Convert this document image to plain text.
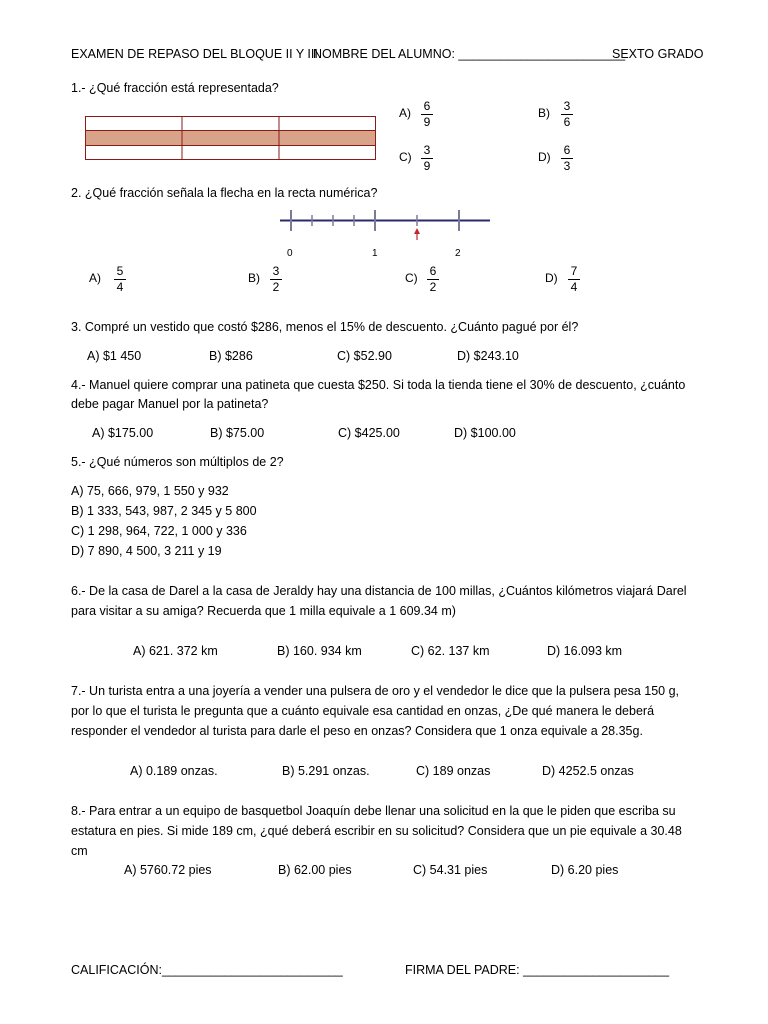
EXAMEN DE REPASO DEL BLOQUE II Y III.
NOMBRE DEL ALUMNO: ________________________
SEXTO GRADO
1.- ¿Qué fracción está representada?
A) 6
9
B) 3
6
C) 3
9
D) 6
3
2. ¿Qué fracción señala la flecha en la recta numérica?
0	1	2
A) 5
4
B) 3
2
C) 6
2
D) 7
4
3. Compré un vestido que costó $286, menos el 15% de descuento. ¿Cuánto pagué por él?
A) $1 450	B) $286	C) $52.90	D) $243.10
4.- Manuel quiere comprar una patineta que cuesta $250. Si toda la tienda tiene el 30% de descuento, ¿cuánto
debe pagar Manuel por la patineta?
A) $175.00	B) $75.00	C) $425.00	D) $100.00
5.- ¿Qué números son múltiplos de 2?
A) 75, 666, 979, 1 550 y 932
B) 1 333, 543, 987, 2 345 y 5 800
C) 1 298, 964, 722, 1 000 y 336
D) 7 890, 4 500, 3 211 y 19
6.- De la casa de Darel a la casa de Jeraldy hay una distancia de 100 millas, ¿Cuántos kilómetros viajará Darel
para visitar a su amiga? Recuerda que 1 milla equivale a 1 609.34 m)
A) 621. 372 km	B) 160. 934 km	C) 62. 137 km	D) 16.093 km
7.- Un turista entra a una joyería a vender una pulsera de oro y el vendedor le dice que la pulsera pesa 150 g,
por lo que el turista le pregunta que a cuánto equivale esa cantidad en onzas, ¿De qué manera le deberá
responder el vendedor al turista para darle el peso en onzas? Considera que 1 onza equivale a 28.35g.
A) 0.189 onzas.	B) 5.291 onzas.	C) 189 onzas	D) 4252.5 onzas
8.- Para entrar a un equipo de basquetbol Joaquín debe llenar una solicitud en la que le piden que escriba su
estatura en pies. Si mide 189 cm, ¿qué deberá escribir en su solicitud? Considera que un pie equivale a 30.48
cm
A) 5760.72 pies	B) 62.00 pies	C) 54.31 pies	D) 6.20 pies
CALIFICACIÓN:__________________________	FIRMA DEL PADRE: _____________________
